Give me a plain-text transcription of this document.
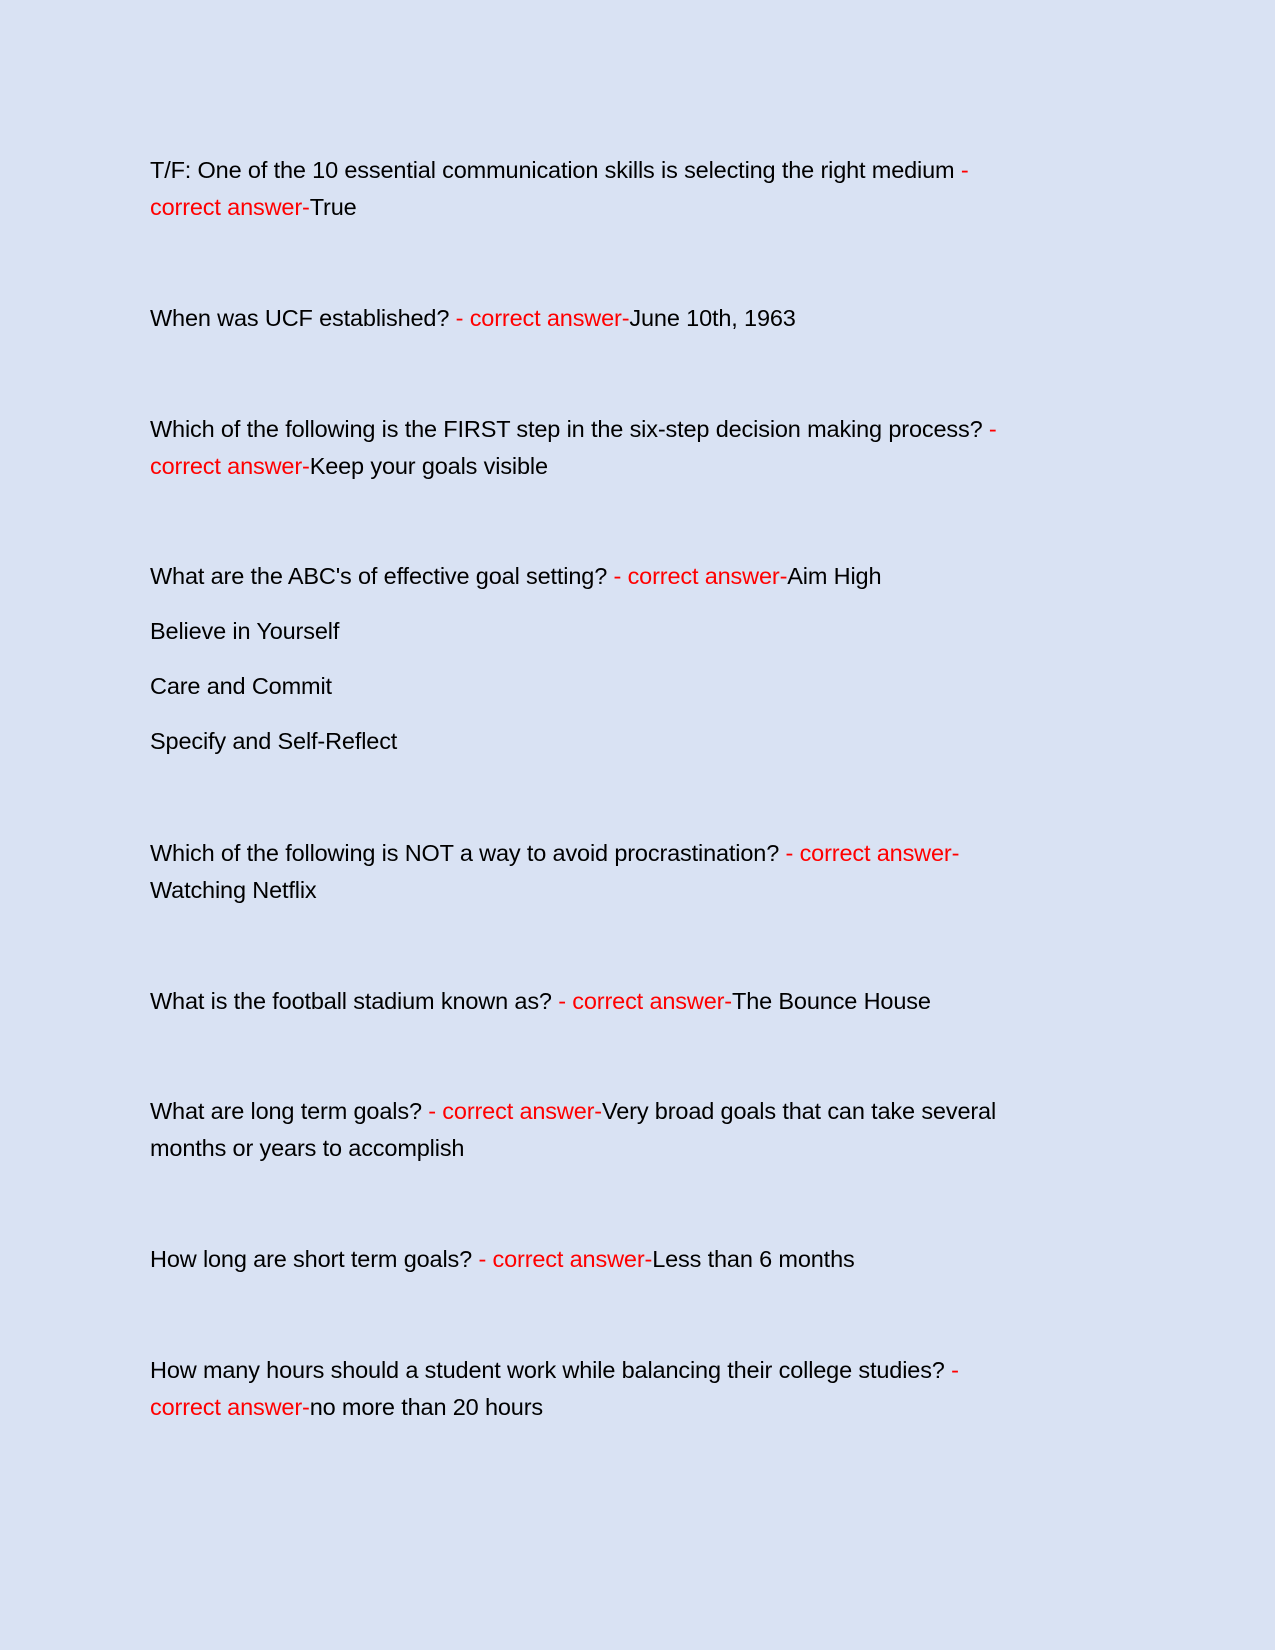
T/F: One of the 10 essential communication skills is selecting the right medium -
correct answer-True
When was UCF established? - correct answer-June 10th, 1963
Which of the following is the FIRST step in the six-step decision making process? -
correct answer-Keep your goals visible
What are the ABC's of effective goal setting? - correct answer-Aim High
Believe in Yourself
Care and Commit
Specify and Self-Reflect
Which of the following is NOT a way to avoid procrastination? - correct answer-
Watching Netflix
What is the football stadium known as? - correct answer-The Bounce House
What are long term goals? - correct answer-Very broad goals that can take several
months or years to accomplish
How long are short term goals? - correct answer-Less than 6 months
How many hours should a student work while balancing their college studies? -
correct answer-no more than 20 hours
